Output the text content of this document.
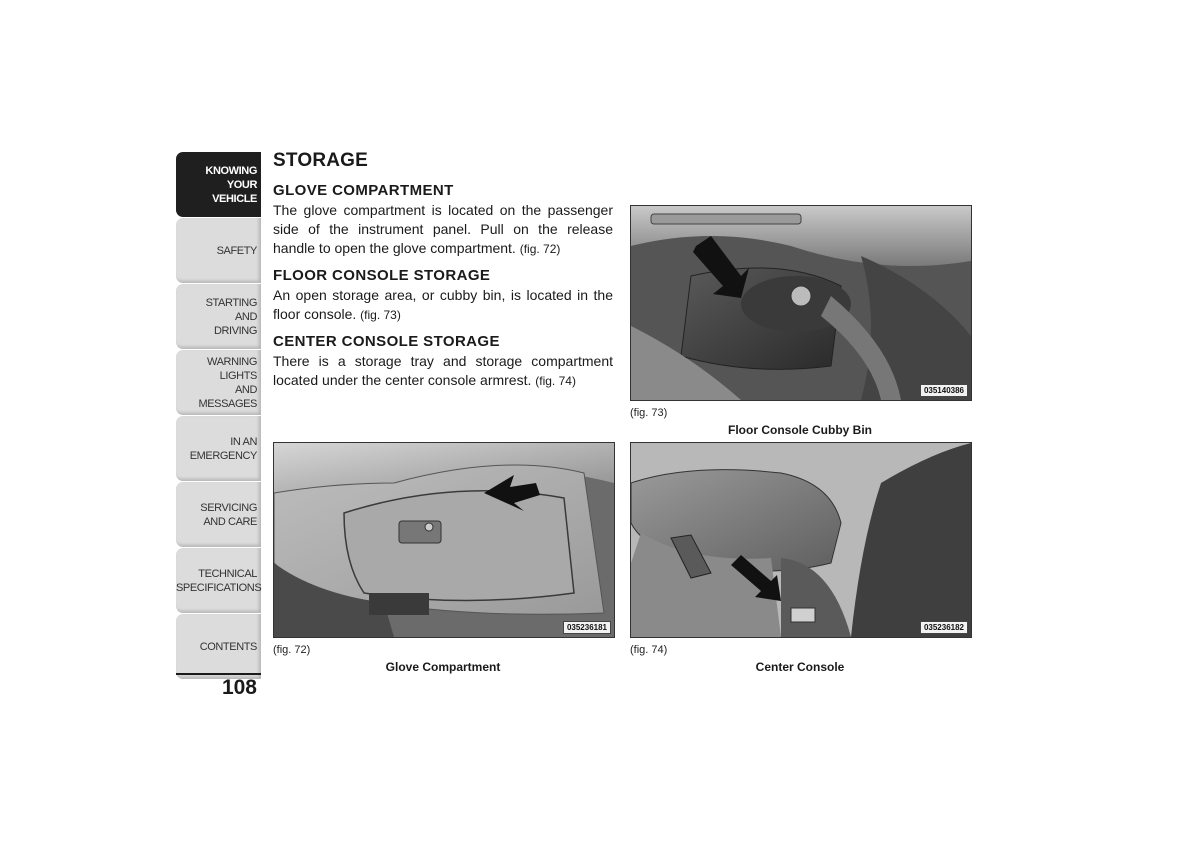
KNOWING
YOUR
VEHICLE
SAFETY
STARTING
AND
DRIVING
WARNING
LIGHTS
AND
MESSAGES
IN AN
EMERGENCY
SERVICING
AND CARE
TECHNICAL
SPECIFICATIONS
CONTENTS
108
STORAGE
GLOVE COMPARTMENT

The glove compartment is located on the passenger side of the instrument panel. Pull on the release handle to open the glove compartment. (fig. 72)

FLOOR CONSOLE STORAGE

An open storage area, or cubby bin, is located in the floor console. (fig. 73)

CENTER CONSOLE STORAGE

There is a storage tray and storage compartment located under the center console armrest. (fig. 74)

035140386
(fig. 73)
Floor Console Cubby Bin
035236181
(fig. 72)
Glove Compartment
035236182
(fig. 74)
Center Console
